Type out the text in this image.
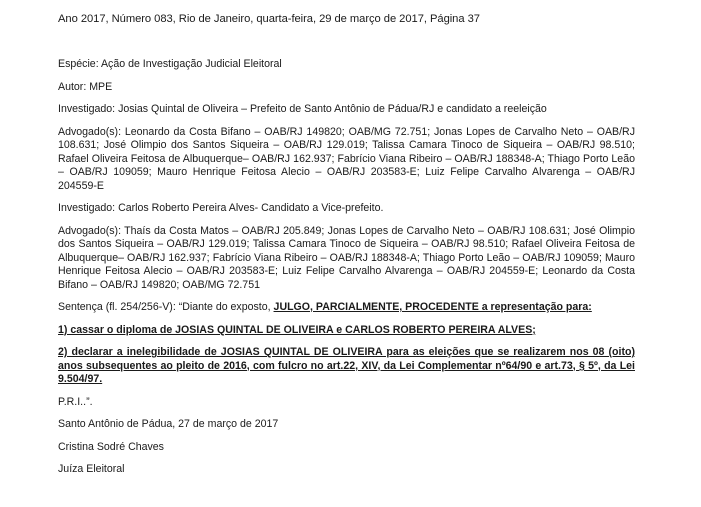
Ano 2017, Número 083, Rio de Janeiro, quarta-feira, 29 de março de 2017, Página 37

Espécie: Ação de Investigação Judicial Eleitoral

Autor: MPE

Investigado: Josias Quintal de Oliveira – Prefeito de Santo Antônio de Pádua/RJ e candidato a reeleição

Advogado(s): Leonardo da Costa Bifano – OAB/RJ 149820; OAB/MG 72.751; Jonas Lopes de Carvalho Neto – OAB/RJ 108.631; José Olimpio dos Santos Siqueira – OAB/RJ 129.019; Talissa Camara Tinoco de Siqueira – OAB/RJ 98.510; Rafael Oliveira Feitosa de Albuquerque– OAB/RJ 162.937; Fabrício Viana Ribeiro – OAB/RJ 188348-A; Thiago Porto Leão – OAB/RJ 109059; Mauro Henrique Feitosa Alecio – OAB/RJ 203583-E; Luiz Felipe Carvalho Alvarenga – OAB/RJ 204559-E

Investigado: Carlos Roberto Pereira Alves- Candidato a Vice-prefeito.

Advogado(s): Thaís da Costa Matos – OAB/RJ 205.849; Jonas Lopes de Carvalho Neto – OAB/RJ 108.631; José Olimpio dos Santos Siqueira – OAB/RJ 129.019; Talissa Camara Tinoco de Siqueira – OAB/RJ 98.510; Rafael Oliveira Feitosa de Albuquerque– OAB/RJ 162.937; Fabrício Viana Ribeiro – OAB/RJ 188348-A; Thiago Porto Leão – OAB/RJ 109059; Mauro Henrique Feitosa Alecio – OAB/RJ 203583-E; Luiz Felipe Carvalho Alvarenga – OAB/RJ 204559-E; Leonardo da Costa Bifano – OAB/RJ 149820; OAB/MG 72.751

Sentença (fl. 254/256-V): “Diante do exposto, JULGO, PARCIALMENTE, PROCEDENTE a representação para:

1) cassar o diploma de JOSIAS QUINTAL DE OLIVEIRA e CARLOS ROBERTO PEREIRA ALVES;

2) declarar a inelegibilidade de JOSIAS QUINTAL DE OLIVEIRA para as eleições que se realizarem nos 08 (oito) anos subsequentes ao pleito de 2016, com fulcro no art.22, XIV, da Lei Complementar nº64/90 e art.73, § 5º, da Lei 9.504/97.

P.R.I..”.

Santo Antônio de Pádua, 27 de março de 2017

Cristina Sodré Chaves

Juíza Eleitoral
